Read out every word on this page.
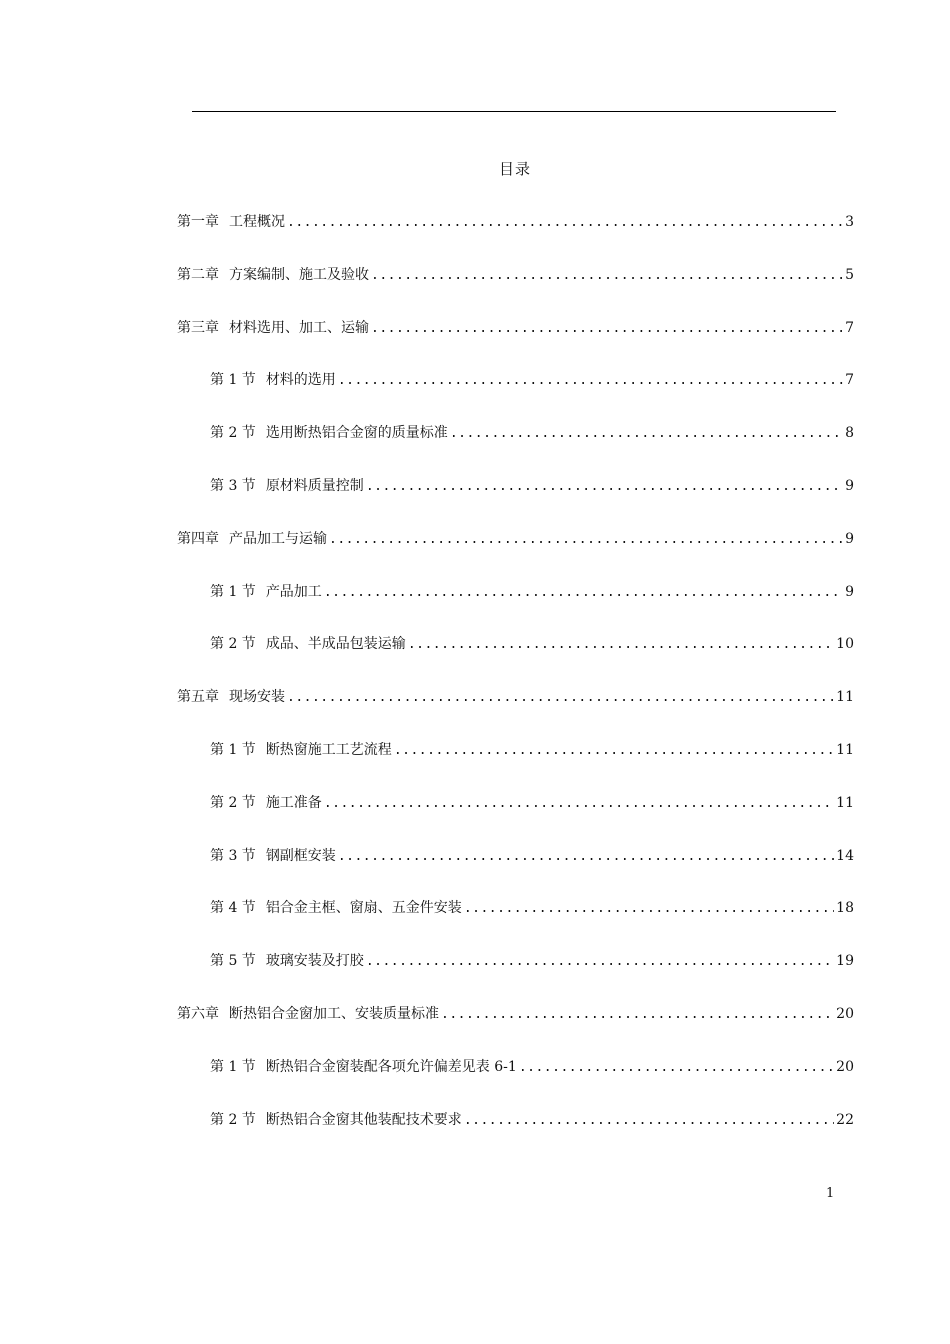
目录
第一章 工程概况 .....	3
第二章 方案编制、施工及验收 .....	5
第三章 材料选用、加工、运输 .....	7
第 1 节 材料的选用 .....	7
第 2 节 选用断热铝合金窗的质量标准 .....	8
第 3 节 原材料质量控制 .....	9
第四章 产品加工与运输 .....	9
第 1 节 产品加工 .....	9
第 2 节 成品、半成品包装运输 .....	10
第五章 现场安装 .....	11
第 1 节 断热窗施工工艺流程 .....	11
第 2 节 施工准备 .....	11
第 3 节 钢副框安装 .....	14
第 4 节 铝合金主框、窗扇、五金件安装 .....	18
第 5 节 玻璃安装及打胶 .....	19
第六章 断热铝合金窗加工、安装质量标准 .....	20
第 1 节 断热铝合金窗装配各项允许偏差见表 6-1 .....	20
第 2 节 断热铝合金窗其他装配技术要求 .....	22
1
